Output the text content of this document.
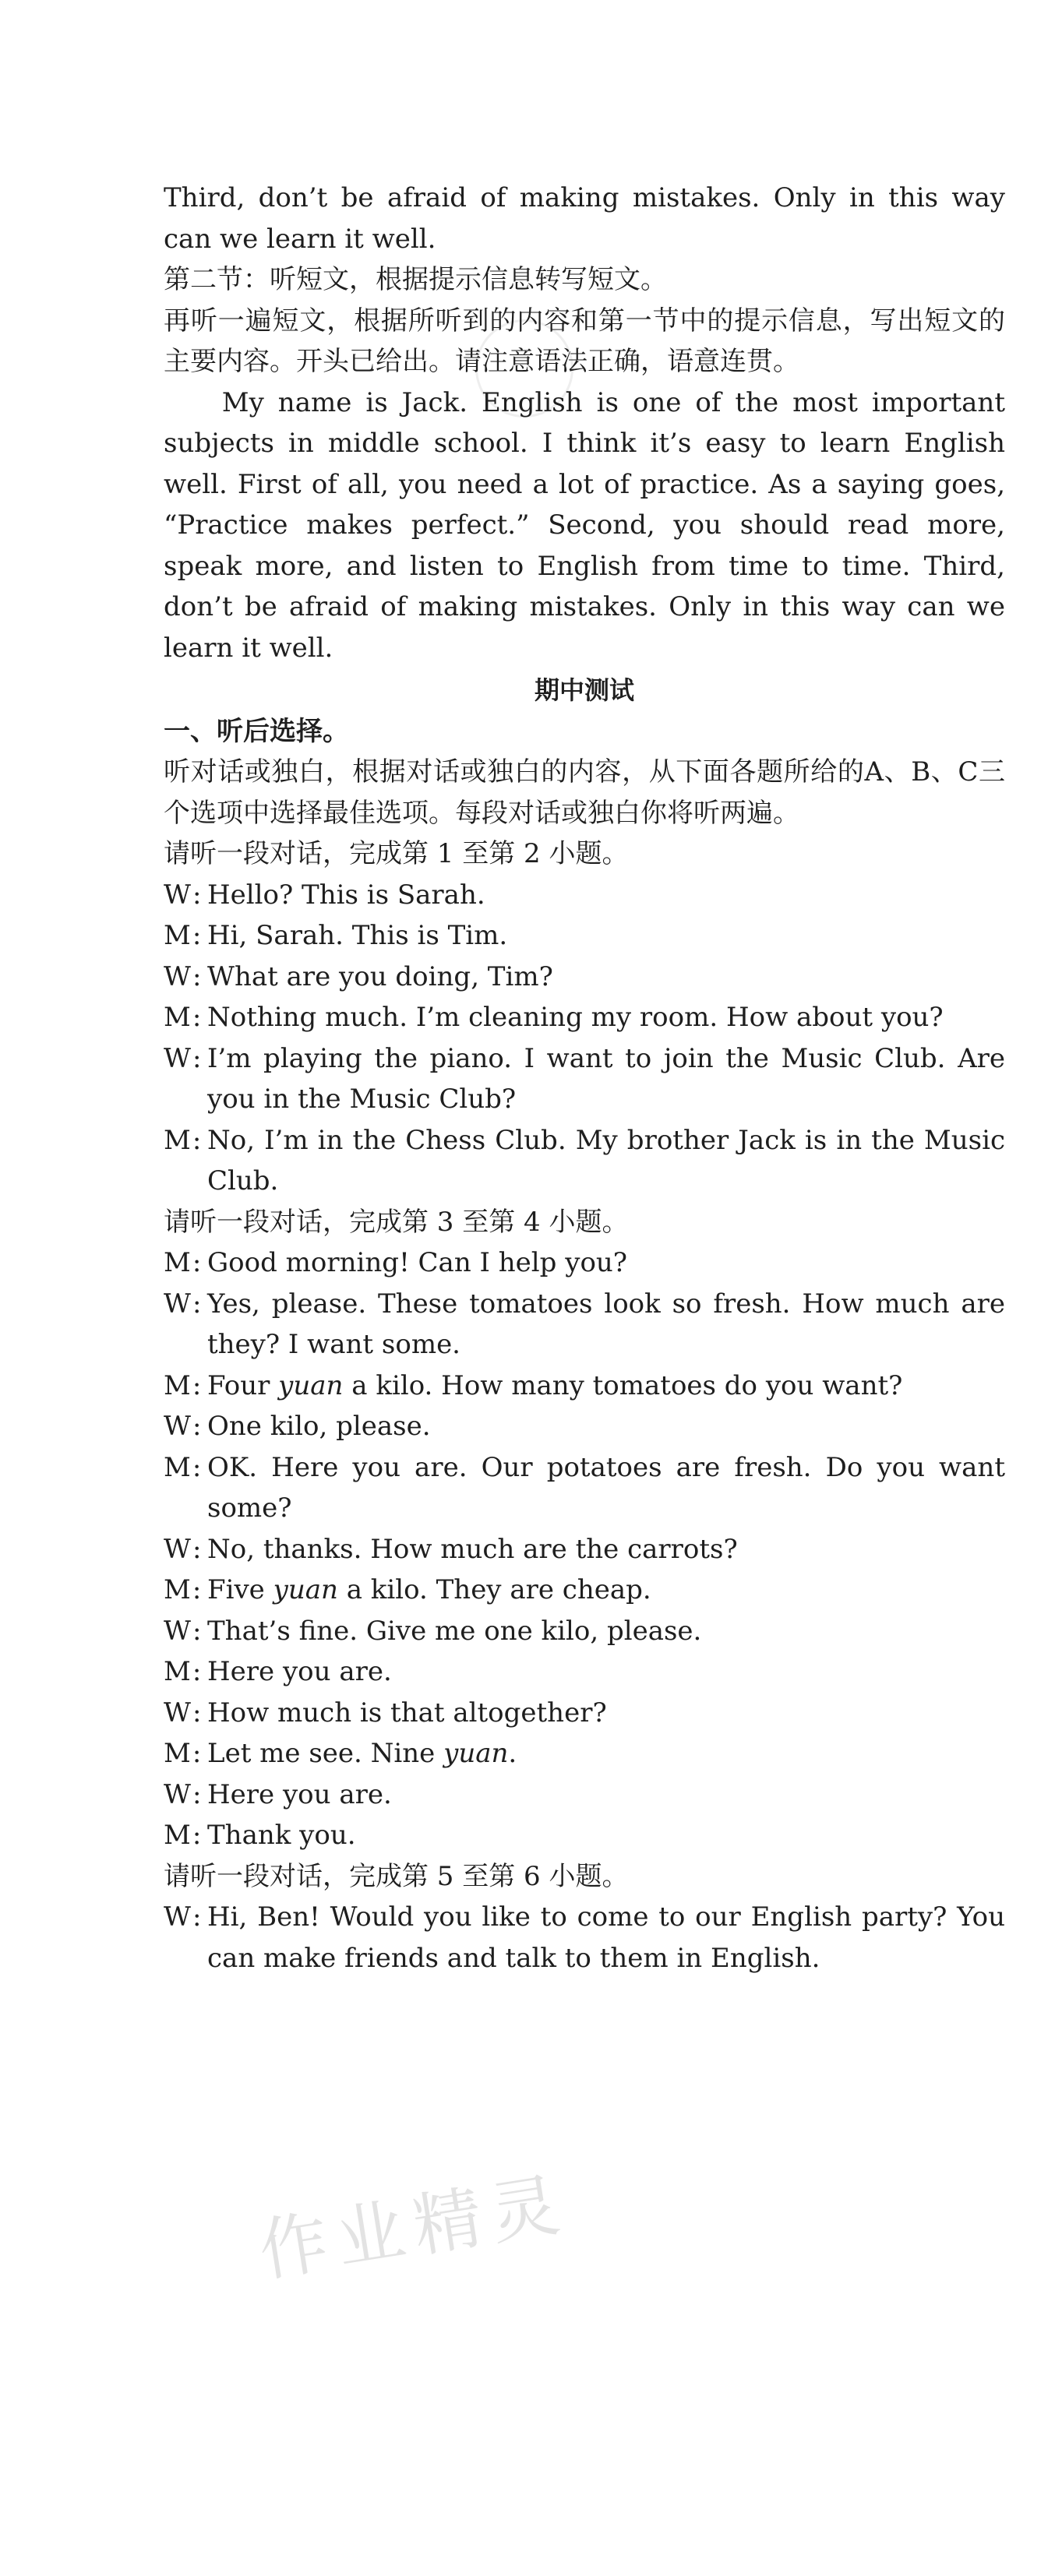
Third, don’t be afraid of making mistakes. Only in this way can we learn it well.

第二节：听短文，根据提示信息转写短文。

再听一遍短文，根据所听到的内容和第一节中的提示信息，写出短文的主要内容。开头已给出。请注意语法正确，语意连贯。

My name is Jack. English is one of the most important subjects in middle school. I think it’s easy to learn English well. First of all, you need a lot of practice. As a saying goes, “Practice makes perfect.” Second, you should read more, speak more, and listen to English from time to time. Third, don’t be afraid of making mistakes. Only in this way can we learn it well.

期中测试

一、听后选择。

听对话或独白，根据对话或独白的内容，从下面各题所给的A、B、C三个选项中选择最佳选项。每段对话或独白你将听两遍。

请听一段对话，完成第 1 至第 2 小题。

W: Hello? This is Sarah.
M: Hi, Sarah. This is Tim.
W: What are you doing, Tim?
M: Nothing much. I’m cleaning my room. How about you?
W: I’m playing the piano. I want to join the Music Club. Are you in the Music Club?
M: No, I’m in the Chess Club. My brother Jack is in the Music Club.

请听一段对话，完成第 3 至第 4 小题。

M: Good morning! Can I help you?
W: Yes, please. These tomatoes look so fresh. How much are they? I want some.
M: Four yuan a kilo. How many tomatoes do you want?
W: One kilo, please.
M: OK. Here you are. Our potatoes are fresh. Do you want some?
W: No, thanks. How much are the carrots?
M: Five yuan a kilo. They are cheap.
W: That’s fine. Give me one kilo, please.
M: Here you are.
W: How much is that altogether?
M: Let me see. Nine yuan.
W: Here you are.
M: Thank you.

请听一段对话，完成第 5 至第 6 小题。

W: Hi, Ben! Would you like to come to our English party? You can make friends and talk to them in English.
作业精灵
